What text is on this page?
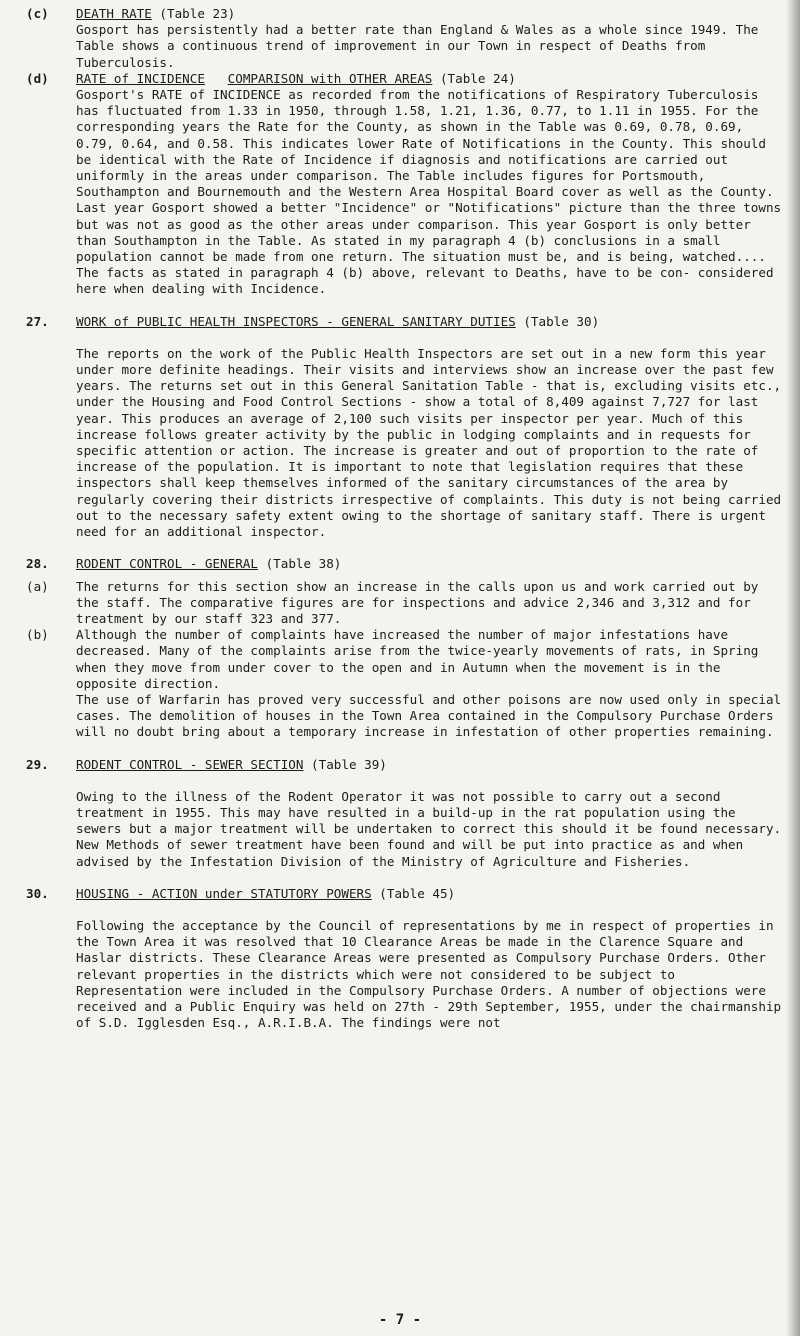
(c)	DEATH RATE (Table 23)

Gosport has persistently had a better rate than England & Wales as a whole since 1949. The Table shows a continuous trend of improvement in our Town in respect of Deaths from Tuberculosis.

(d)	RATE of INCIDENCE COMPARISON with OTHER AREAS (Table 24)

Gosport's RATE of INCIDENCE as recorded from the notifications of Respiratory Tuberculosis has fluctuated from 1.33 in 1950, through 1.58, 1.21, 1.36, 0.77, to 1.11 in 1955. For the corresponding years the Rate for the County, as shown in the Table was 0.69, 0.78, 0.69, 0.79, 0.64, and 0.58. This indicates lower Rate of Notifications in the County. This should be identical with the Rate of Incidence if diagnosis and notifications are carried out uniformly in the areas under comparison. The Table includes figures for Portsmouth, Southampton and Bournemouth and the Western Area Hospital Board cover as well as the County. Last year Gosport showed a better "Incidence" or "Notifications" picture than the three towns but was not as good as the other areas under comparison. This year Gosport is only better than Southampton in the Table. As stated in my paragraph 4 (b) conclusions in a small population cannot be made from one return. The situation must be, and is being, watched.... The facts as stated in paragraph 4 (b) above, relevant to Deaths, have to be con- considered here when dealing with Incidence.

27.	WORK of PUBLIC HEALTH INSPECTORS - GENERAL SANITARY DUTIES (Table 30)

The reports on the work of the Public Health Inspectors are set out in a new form this year under more definite headings. Their visits and interviews show an increase over the past few years. The returns set out in this General Sanitation Table - that is, excluding visits etc., under the Housing and Food Control Sections - show a total of 8,409 against 7,727 for last year. This produces an average of 2,100 such visits per inspector per year. Much of this increase follows greater activity by the public in lodging complaints and in requests for specific attention or action. The increase is greater and out of proportion to the rate of increase of the population. It is important to note that legislation requires that these inspectors shall keep themselves informed of the sanitary circumstances of the area by regularly covering their districts irrespective of complaints. This duty is not being carried out to the necessary safety extent owing to the shortage of sanitary staff. There is urgent need for an additional inspector.

28.	RODENT CONTROL - GENERAL (Table 38)

(a)	The returns for this section show an increase in the calls upon us and work carried out by the staff. The comparative figures are for inspections and advice 2,346 and 3,312 and for treatment by our staff 323 and 377.

(b)	Although the number of complaints have increased the number of major infestations have decreased. Many of the complaints arise from the twice-yearly movements of rats, in Spring when they move from under cover to the open and in Autumn when the movement is in the opposite direction.

The use of Warfarin has proved very successful and other poisons are now used only in special cases. The demolition of houses in the Town Area contained in the Compulsory Purchase Orders will no doubt bring about a temporary increase in infestation of other properties remaining.

29.	RODENT CONTROL - SEWER SECTION (Table 39)

Owing to the illness of the Rodent Operator it was not possible to carry out a second treatment in 1955. This may have resulted in a build-up in the rat population using the sewers but a major treatment will be undertaken to correct this should it be found necessary. New Methods of sewer treatment have been found and will be put into practice as and when advised by the Infestation Division of the Ministry of Agriculture and Fisheries.

30.	HOUSING - ACTION under STATUTORY POWERS (Table 45)

Following the acceptance by the Council of representations by me in respect of properties in the Town Area it was resolved that 10 Clearance Areas be made in the Clarence Square and Haslar districts. These Clearance Areas were presented as Compulsory Purchase Orders. Other relevant properties in the districts which were not considered to be subject to Representation were included in the Compulsory Purchase Orders. A number of objections were received and a Public Enquiry was held on 27th - 29th September, 1955, under the chairmanship of S.D. Igglesden Esq., A.R.I.B.A. The findings were not

- 7 -
